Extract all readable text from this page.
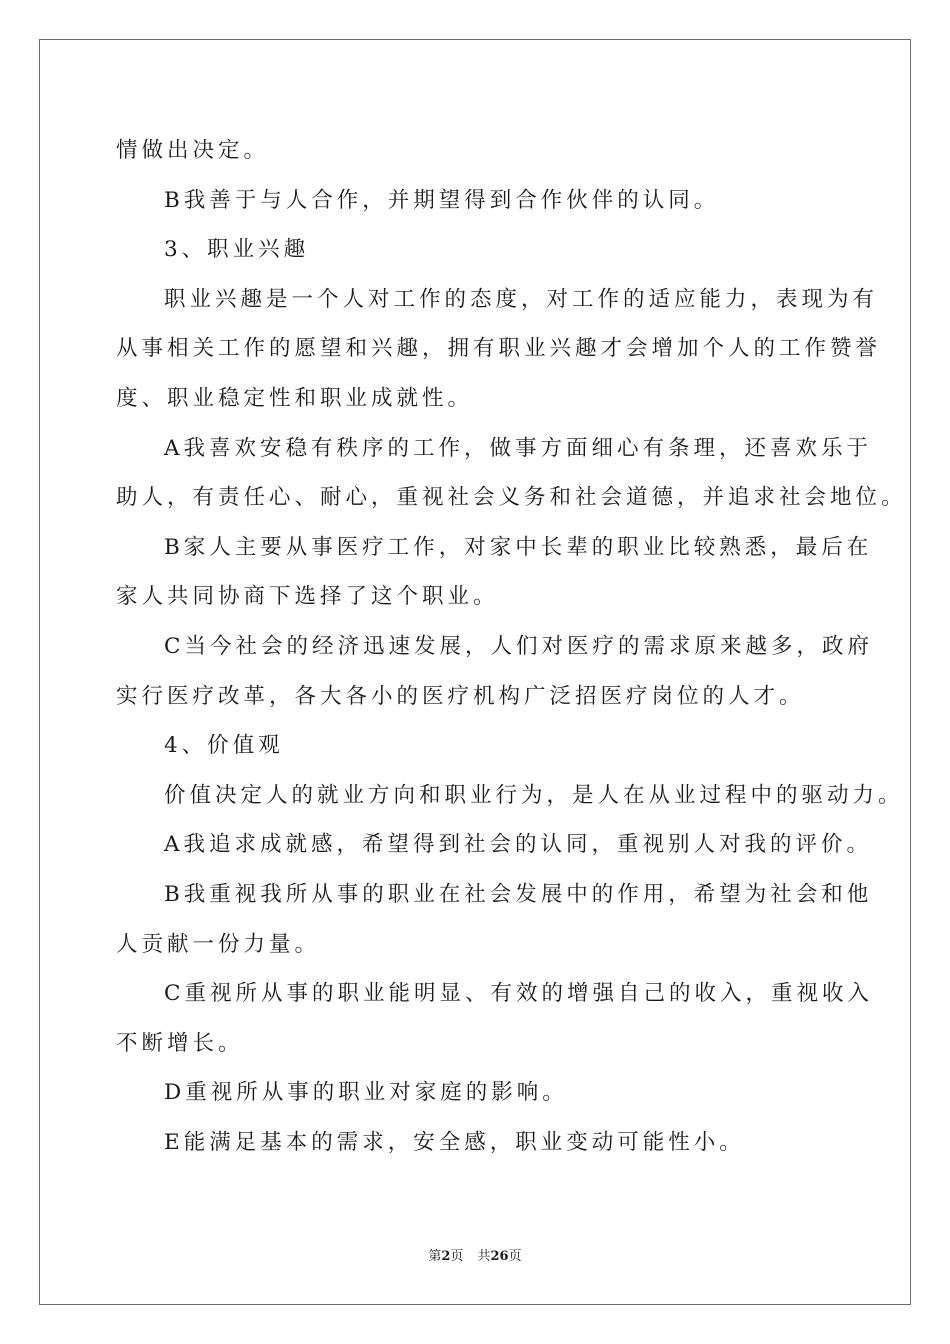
情做出决定。

B我善于与人合作，并期望得到合作伙伴的认同。

3、职业兴趣

职业兴趣是一个人对工作的态度，对工作的适应能力，表现为有

从事相关工作的愿望和兴趣，拥有职业兴趣才会增加个人的工作赞誉

度、职业稳定性和职业成就性。

A我喜欢安稳有秩序的工作，做事方面细心有条理，还喜欢乐于

助人，有责任心、耐心，重视社会义务和社会道德，并追求社会地位。

B家人主要从事医疗工作，对家中长辈的职业比较熟悉，最后在

家人共同协商下选择了这个职业。

C当今社会的经济迅速发展，人们对医疗的需求原来越多，政府

实行医疗改革，各大各小的医疗机构广泛招医疗岗位的人才。

4、价值观

价值决定人的就业方向和职业行为，是人在从业过程中的驱动力。

A我追求成就感，希望得到社会的认同，重视别人对我的评价。

B我重视我所从事的职业在社会发展中的作用，希望为社会和他

人贡献一份力量。

C重视所从事的职业能明显、有效的增强自己的收入，重视收入

不断增长。

D重视所从事的职业对家庭的影响。

E能满足基本的需求，安全感，职业变动可能性小。

第2页 共26页
